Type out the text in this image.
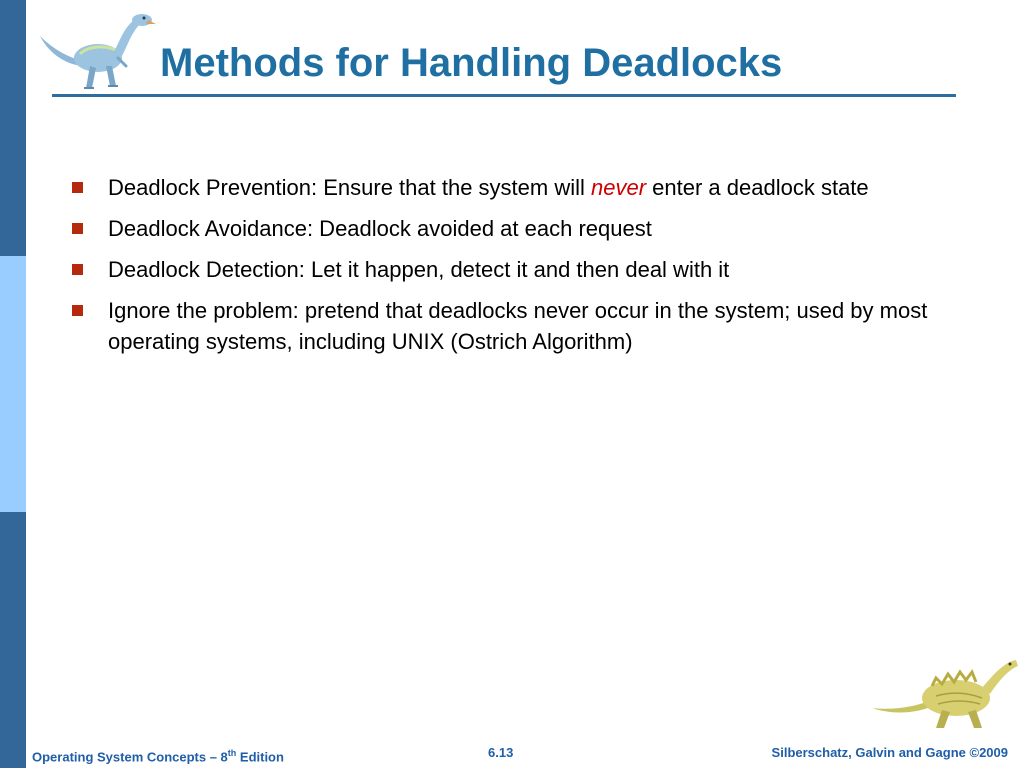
Methods for Handling Deadlocks
Deadlock Prevention: Ensure that the system will never enter a deadlock state
Deadlock Avoidance: Deadlock avoided at each request
Deadlock Detection: Let it happen, detect it and then deal with it
Ignore the problem: pretend that deadlocks never occur in the system; used by most operating systems, including UNIX (Ostrich Algorithm)
Operating System Concepts – 8th Edition	6.13	Silberschatz, Galvin and Gagne ©2009
